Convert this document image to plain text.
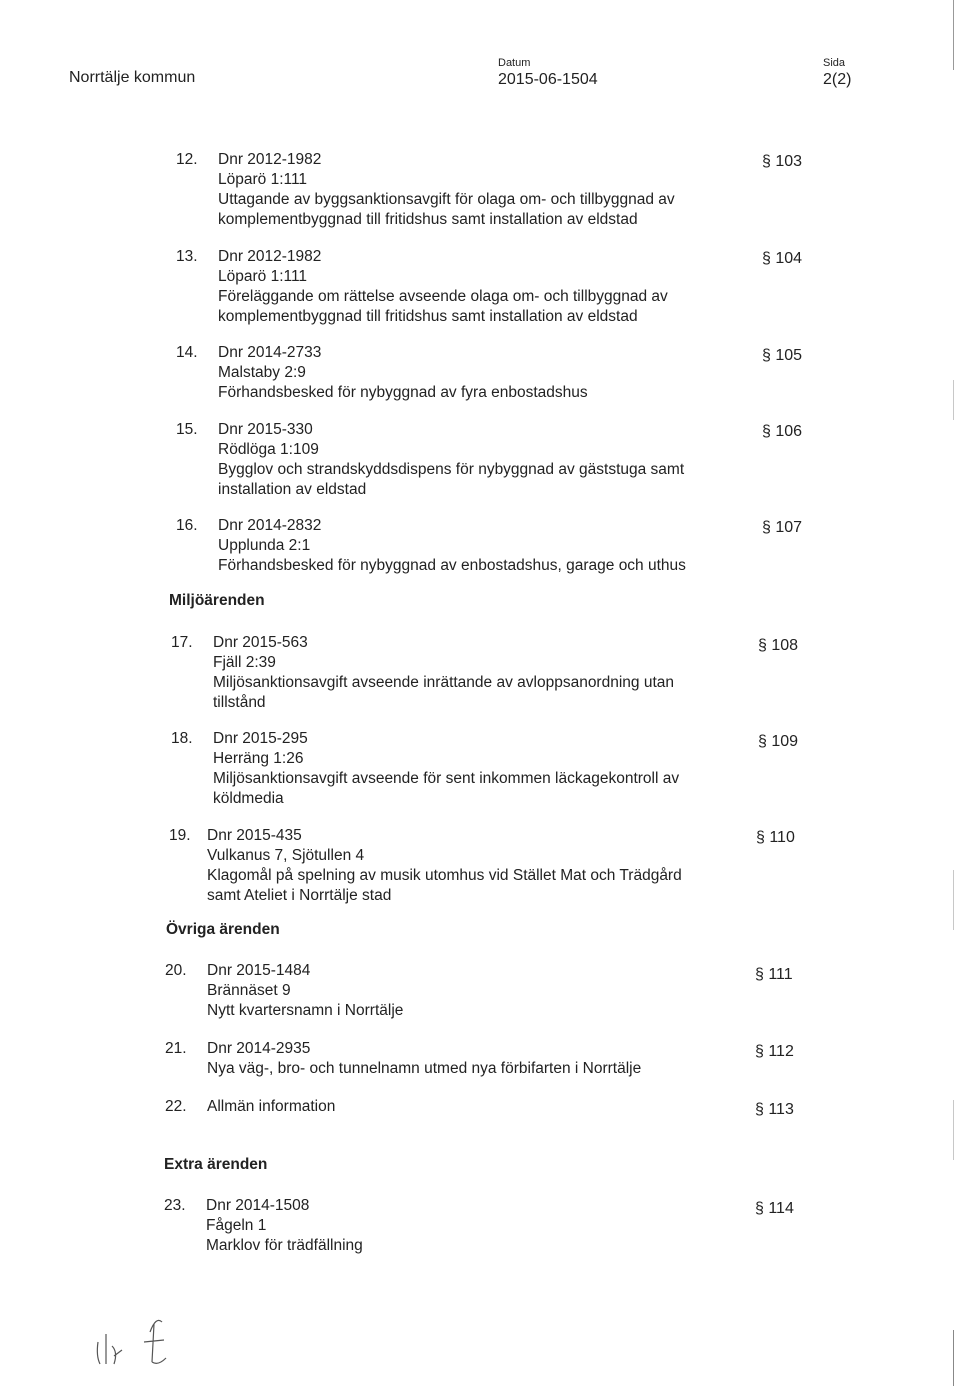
Norrtälje kommun
Datum
2015-06-1504
Sida
2(2)
12.	Dnr 2012-1982
Löparö 1:111
Uttagande av byggsanktionsavgift för olaga om- och tillbyggnad av
komplementbyggnad till fritidshus samt installation av eldstad
§ 103
13.	Dnr 2012-1982
Löparö 1:111
Föreläggande om rättelse avseende olaga om- och tillbyggnad av
komplementbyggnad till fritidshus samt installation av eldstad
§ 104
14.	Dnr 2014-2733
Malstaby 2:9
Förhandsbesked för nybyggnad av fyra enbostadshus
§ 105
15.	Dnr 2015-330
Rödlöga 1:109
Bygglov och strandskyddsdispens för nybyggnad av gäststuga samt
installation av eldstad
§ 106
16.	Dnr 2014-2832
Upplunda 2:1
Förhandsbesked för nybyggnad av enbostadshus, garage och uthus
§ 107
Miljöärenden
17.	Dnr 2015-563
Fjäll 2:39
Miljösanktionsavgift avseende inrättande av avloppsanordning utan
tillstånd
§ 108
18.	Dnr 2015-295
Herräng 1:26
Miljösanktionsavgift avseende för sent inkommen läckagekontroll av
köldmedia
§ 109
19.	Dnr 2015-435
Vulkanus 7, Sjötullen 4
Klagomål på spelning av musik utomhus vid Stället Mat och Trädgård
samt Ateliet i Norrtälje stad
§ 110
Övriga ärenden
20.	Dnr 2015-1484
Brännäset 9
Nytt kvartersnamn i Norrtälje
§ 111
21.	Dnr 2014-2935
Nya väg-, bro- och tunnelnamn utmed nya förbifarten i Norrtälje
§ 112
22.	Allmän information	§ 113
Extra ärenden
23.	Dnr 2014-1508
Fågeln 1
Marklov för trädfällning
§ 114
